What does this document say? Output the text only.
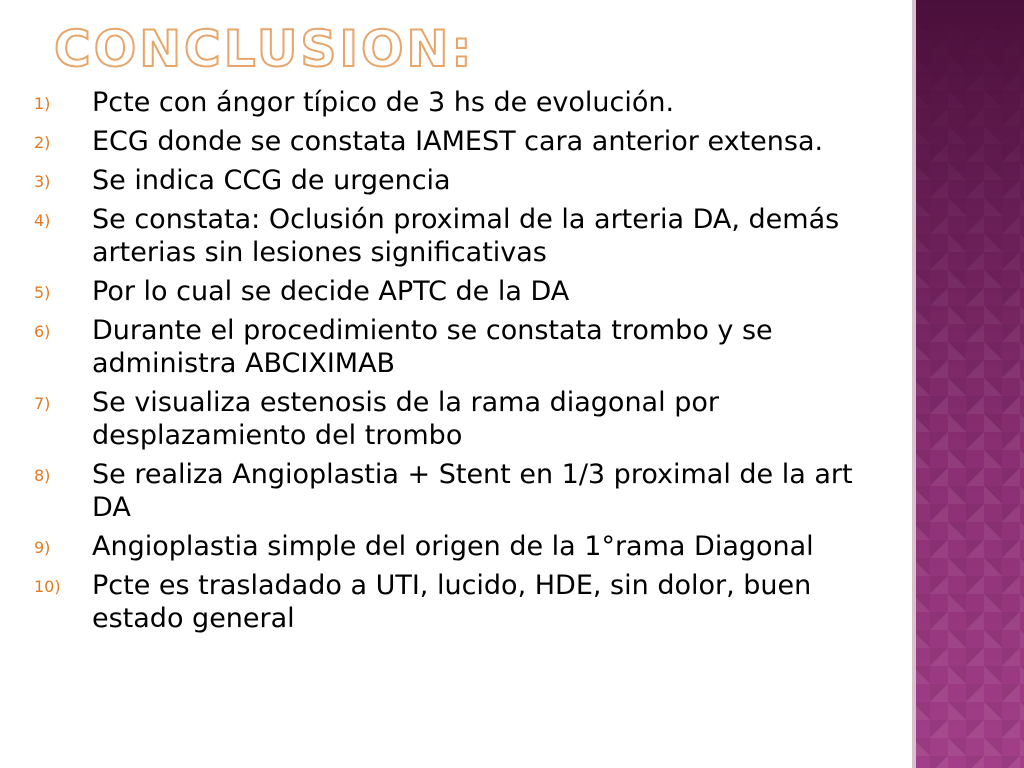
CONCLUSION:
1)	Pcte con ángor típico de 3 hs de evolución.
2)	ECG donde se constata IAMEST cara anterior extensa.
3)	Se indica CCG de urgencia
4)	Se constata: Oclusión proximal de la arteria DA, demás arterias sin lesiones significativas
5)	Por lo cual se decide APTC de la DA
6)	Durante el procedimiento se constata trombo y se administra ABCIXIMAB
7)	Se visualiza estenosis de la rama diagonal por desplazamiento del trombo
8)	Se realiza Angioplastia + Stent en 1/3 proximal de la art DA
9)	Angioplastia simple del origen de la 1°rama Diagonal
10)	Pcte es trasladado a UTI, lucido, HDE, sin dolor, buen estado general
